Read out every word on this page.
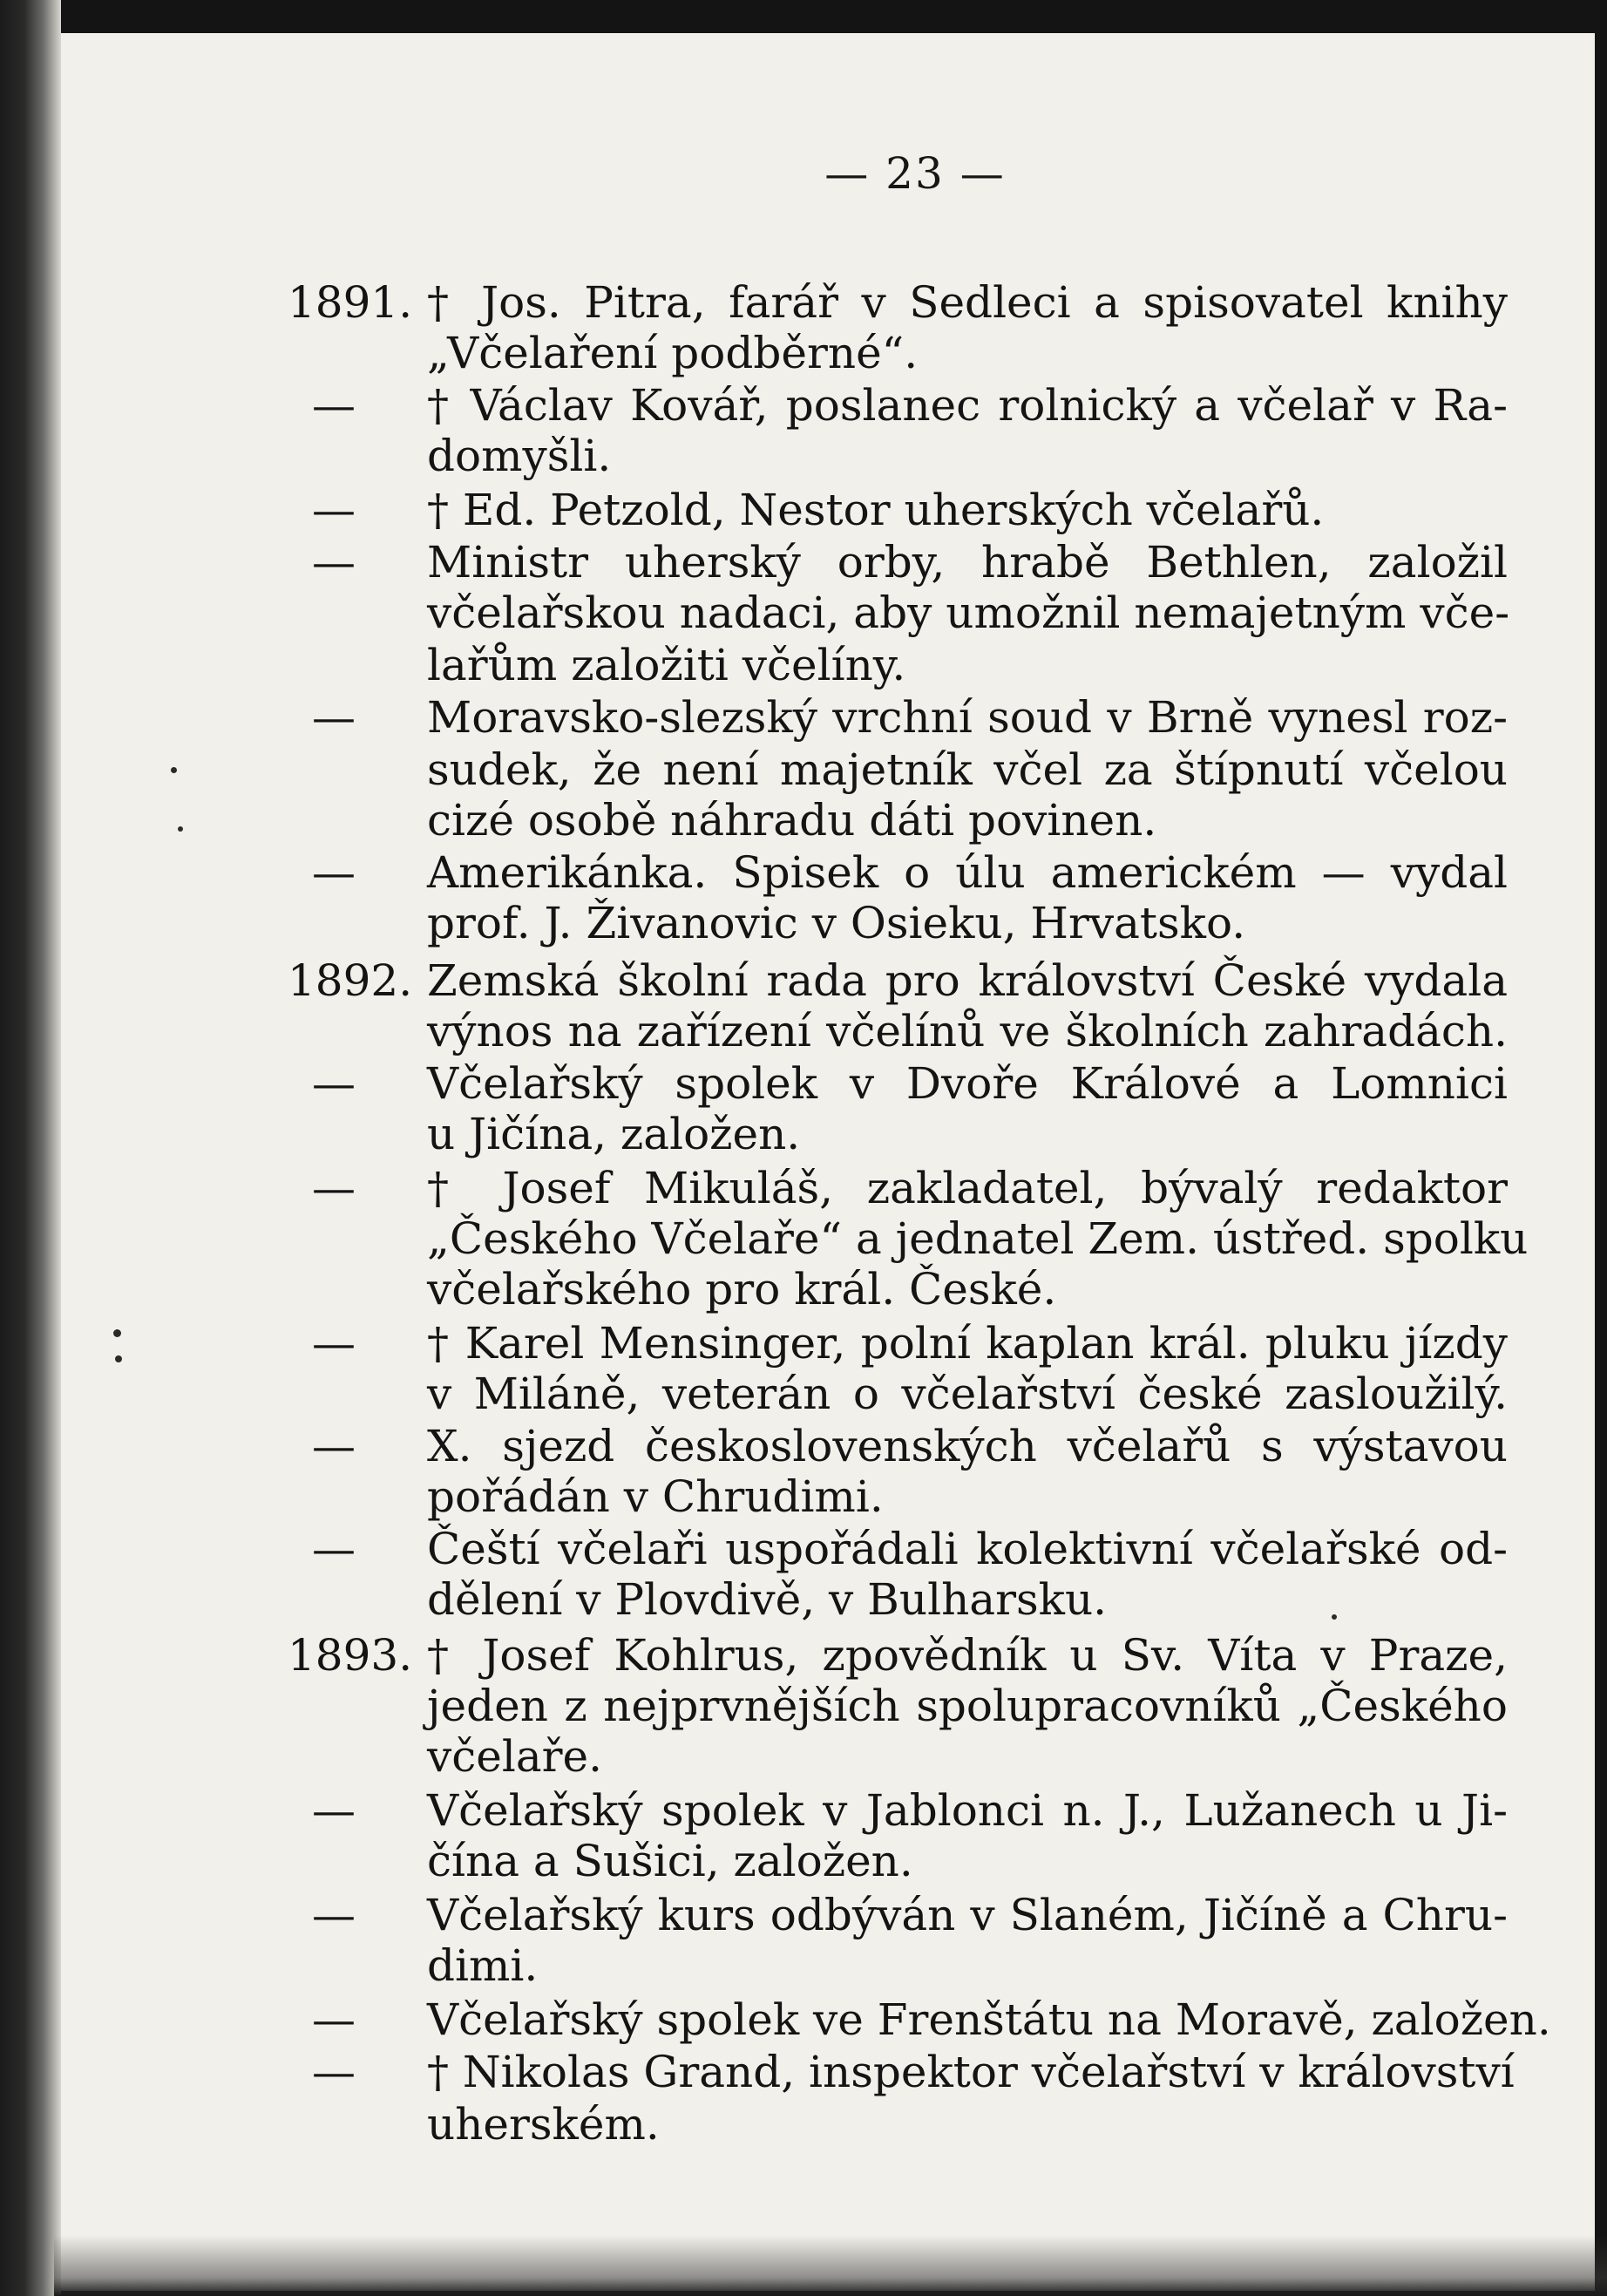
— 23 —
1891. † Jos. Pitra, farář v Sedleci a spisovatel knihy
„Včelaření podběrné“.
— † Václav Kovář, poslanec rolnický a včelař v Ra-
domyšli.
— † Ed. Petzold, Nestor uherských včelařů.
— Ministr uherský orby, hrabě Bethlen, založil
včelařskou nadaci, aby umožnil nemajetným vče-
lařům založiti včelíny.
— Moravsko-slezský vrchní soud v Brně vynesl roz-
sudek, že není majetník včel za štípnutí včelou
cizé osobě náhradu dáti povinen.
— Amerikánka. Spisek o úlu americkém — vydal
prof. J. Živanovic v Osieku, Hrvatsko.
1892. Zemská školní rada pro království České vydala
výnos na zařízení včelínů ve školních zahradách.
— Včelařský spolek v Dvoře Králové a Lomnici
u Jičína, založen.
— † Josef Mikuláš, zakladatel, bývalý redaktor
„Českého Včelaře“ a jednatel Zem. ústřed. spolku
včelařského pro král. České.
— † Karel Mensinger, polní kaplan král. pluku jízdy
v Miláně, veterán o včelařství české zasloužilý.
— X. sjezd československých včelařů s výstavou
pořádán v Chrudimi.
— Čeští včelaři uspořádali kolektivní včelařské od-
dělení v Plovdivě, v Bulharsku.
1893. † Josef Kohlrus, zpovědník u Sv. Víta v Praze,
jeden z nejprvnějších spolupracovníků „Českého
včelaře.
— Včelařský spolek v Jablonci n. J., Lužanech u Ji-
čína a Sušici, založen.
— Včelařský kurs odbýván v Slaném, Jičíně a Chru-
dimi.
— Včelařský spolek ve Frenštátu na Moravě, založen.
— † Nikolas Grand, inspektor včelařství v království
uherském.
